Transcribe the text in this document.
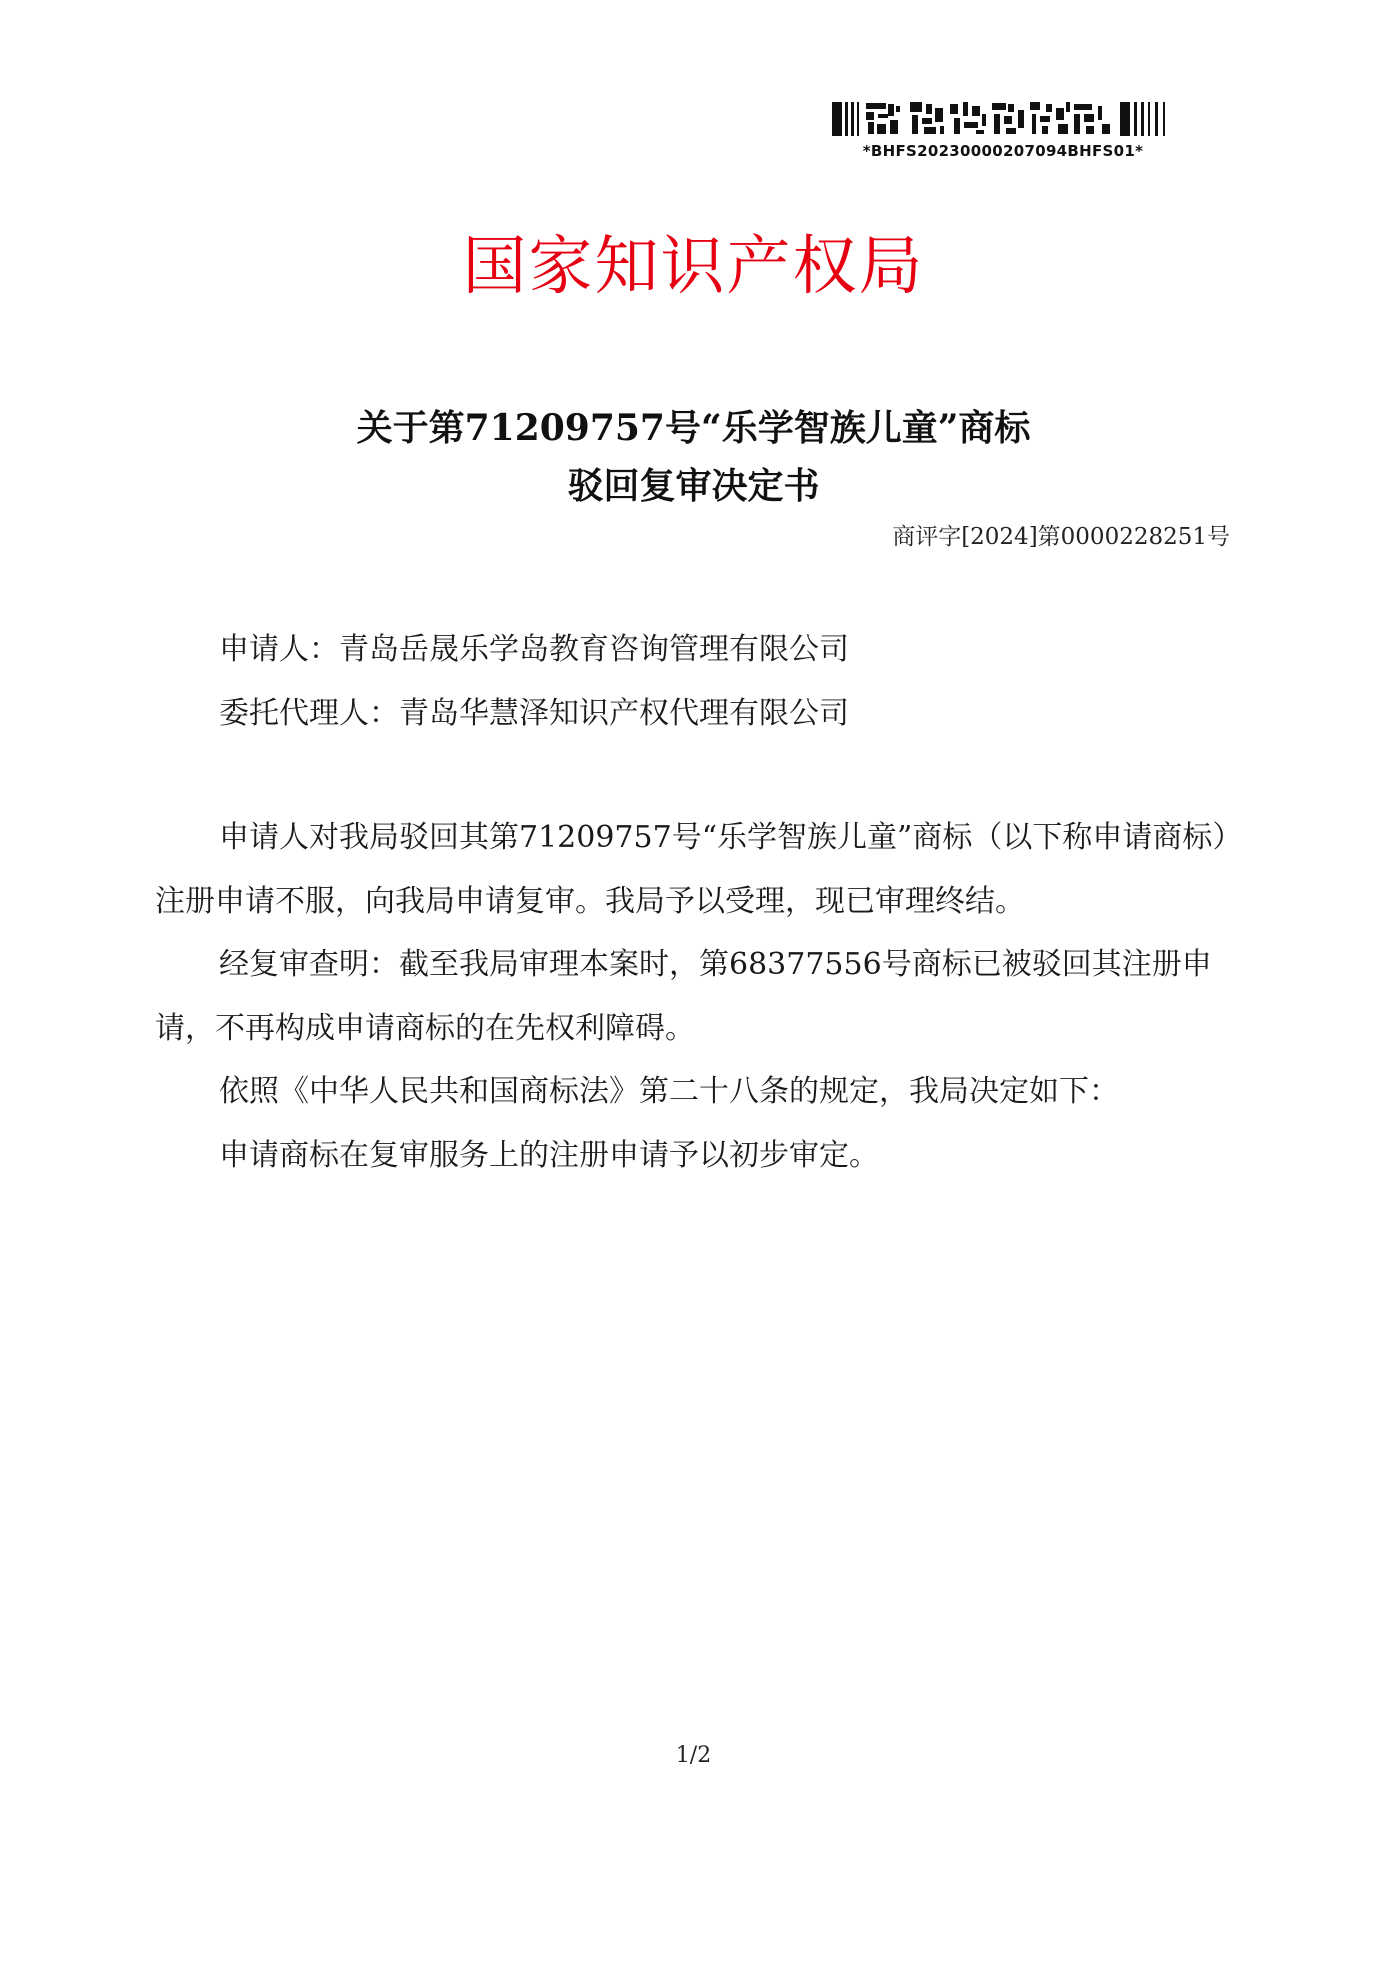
*BHFS20230000207094BHFS01*
国家知识产权局
关于第71209757号“乐学智族儿童”商标
驳回复审决定书
商评字[2024]第0000228251号
申请人：青岛岳晟乐学岛教育咨询管理有限公司
委托代理人：青岛华慧泽知识产权代理有限公司

申请人对我局驳回其第71209757号“乐学智族儿童”商标（以下称申请商标）注册申请不服，向我局申请复审。我局予以受理，现已审理终结。

经复审查明：截至我局审理本案时，第68377556号商标已被驳回其注册申请，不再构成申请商标的在先权利障碍。

依照《中华人民共和国商标法》第二十八条的规定，我局决定如下：

申请商标在复审服务上的注册申请予以初步审定。

1/2
